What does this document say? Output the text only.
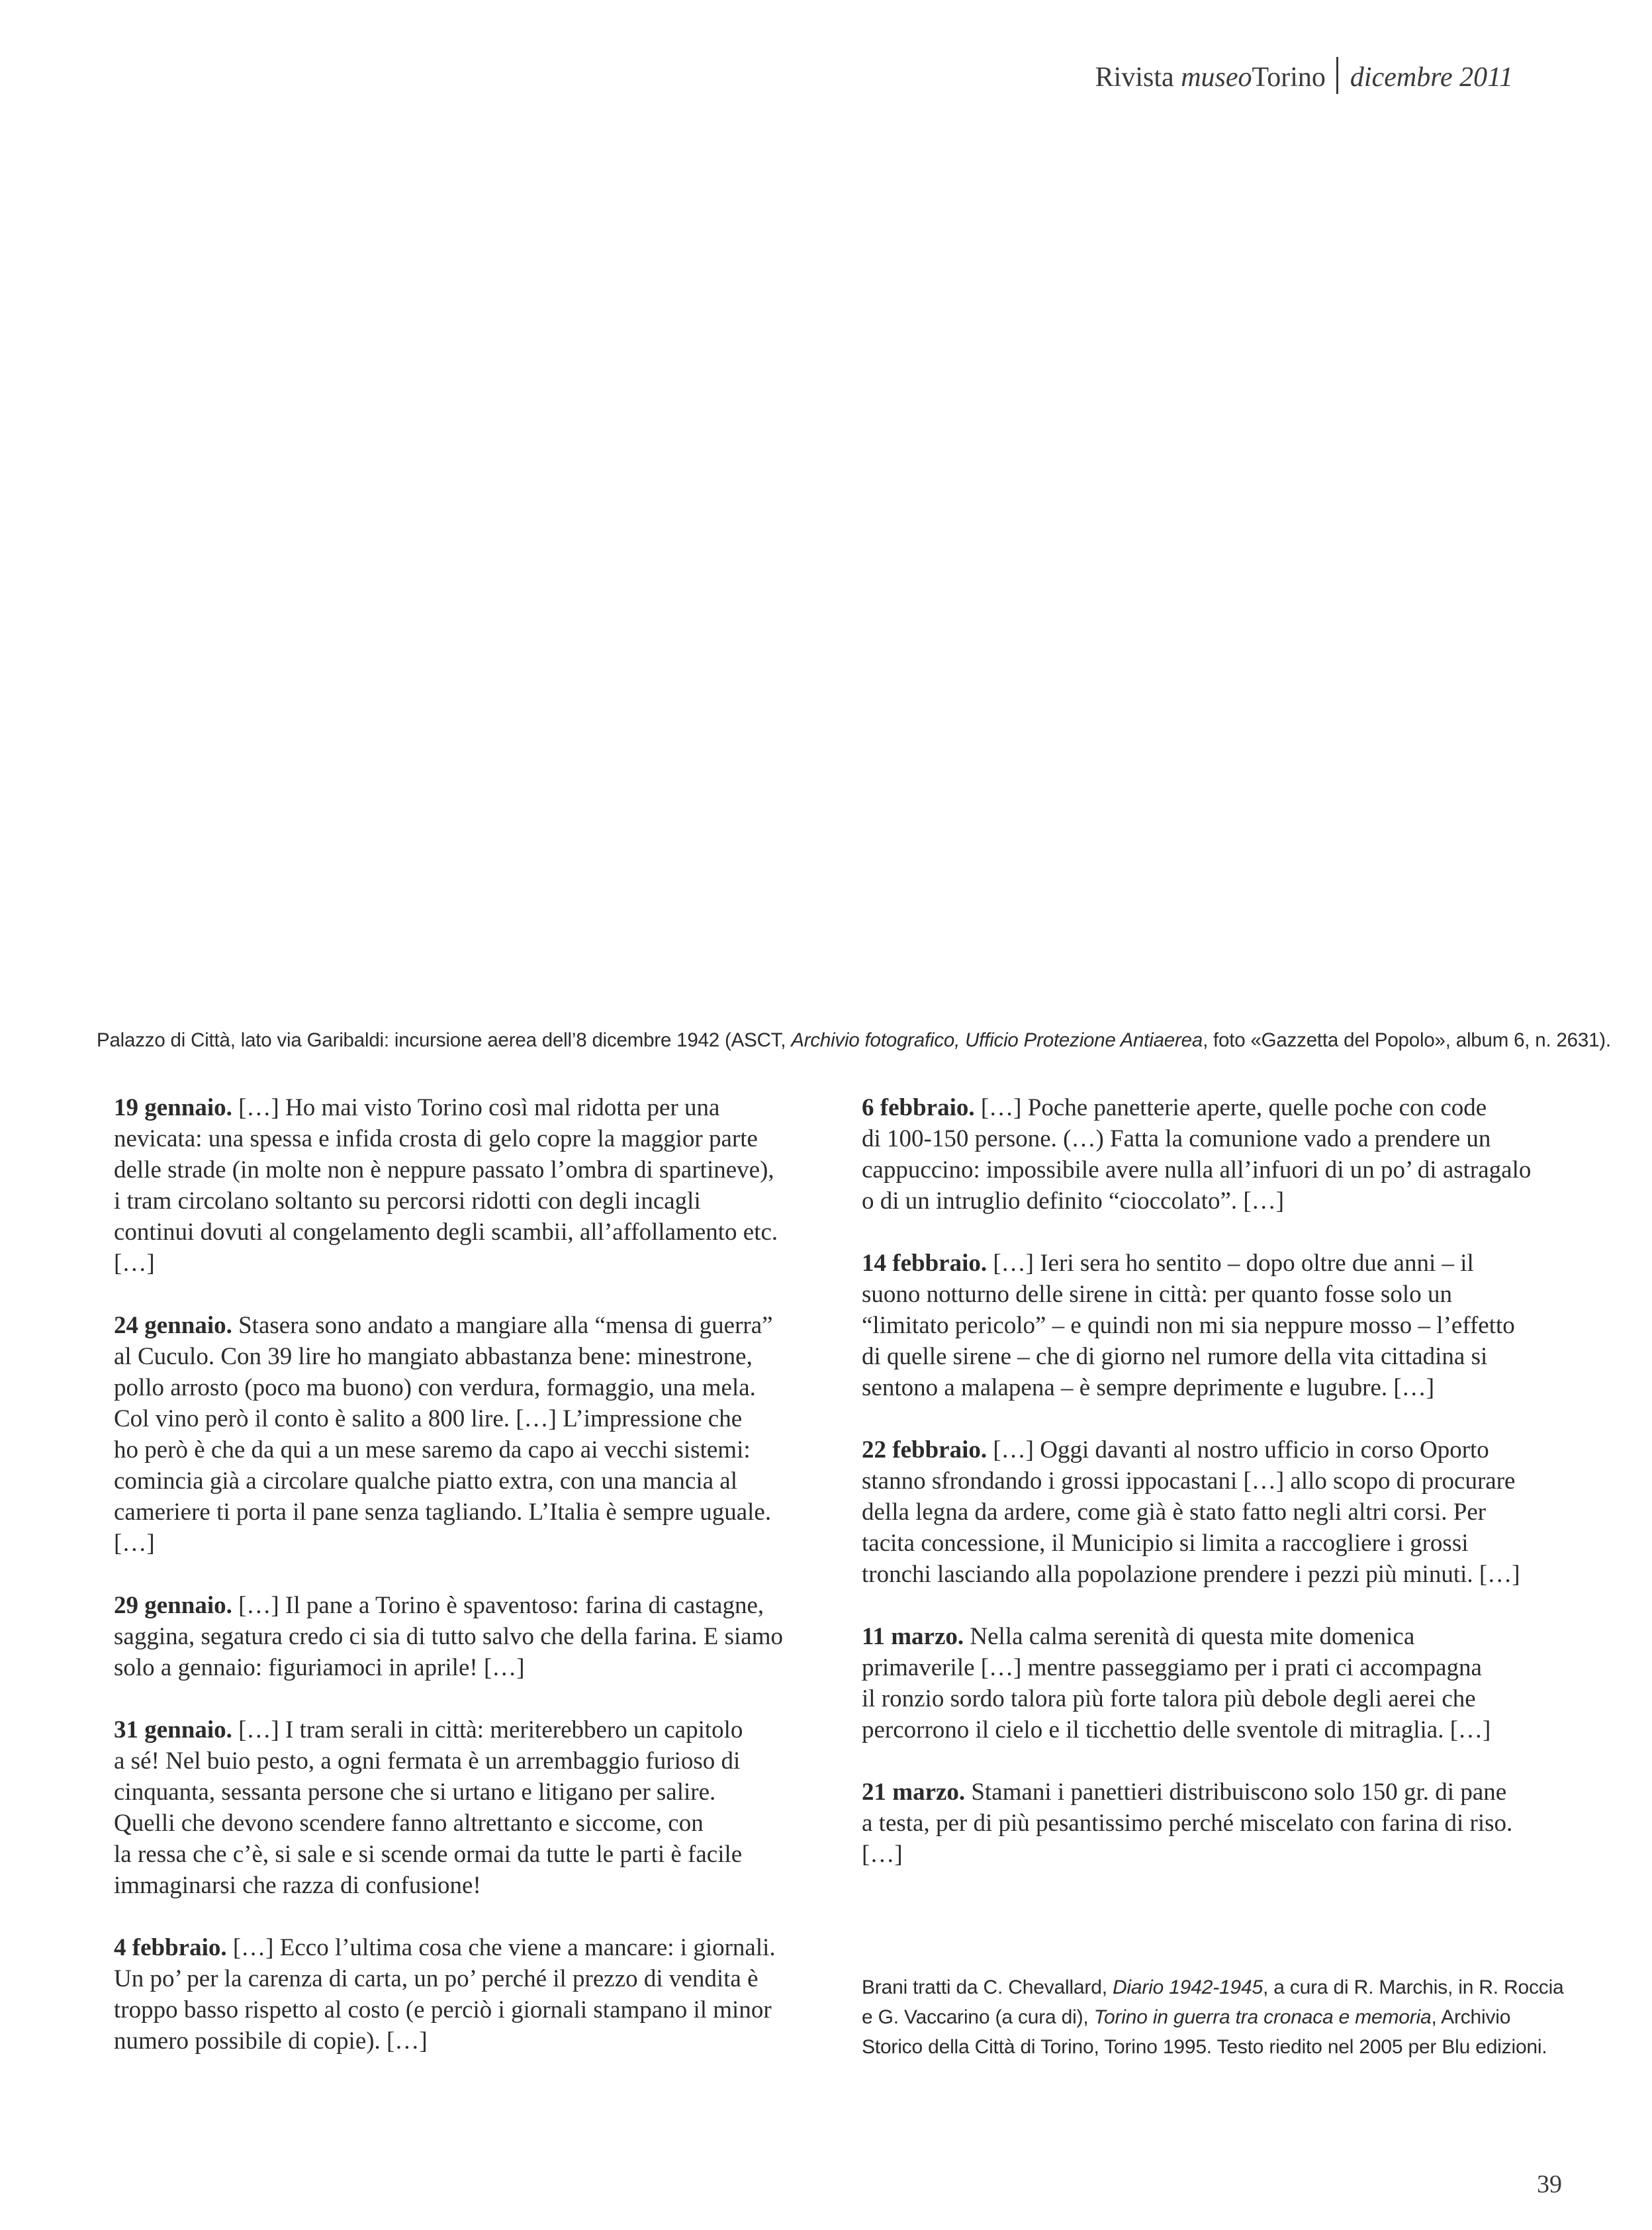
Rivista museoTorino dicembre 2011
Palazzo di Città, lato via Garibaldi: incursione aerea dell’8 dicembre 1942 (ASCT, Archivio fotografico, Ufficio Protezione Antiaerea, foto «Gazzetta del Popolo», album 6, n. 2631).
19 gennaio. […] Ho mai visto Torino così mal ridotta per una
nevicata: una spessa e infida crosta di gelo copre la maggior parte
delle strade (in molte non è neppure passato l’ombra di spartineve),
i tram circolano soltanto su percorsi ridotti con degli incagli
continui dovuti al congelamento degli scambii, all’affollamento etc.
[…]
24 gennaio. Stasera sono andato a mangiare alla “mensa di guerra”
al Cuculo. Con 39 lire ho mangiato abbastanza bene: minestrone,
pollo arrosto (poco ma buono) con verdura, formaggio, una mela.
Col vino però il conto è salito a 800 lire. […] L’impressione che
ho però è che da qui a un mese saremo da capo ai vecchi sistemi:
comincia già a circolare qualche piatto extra, con una mancia al
cameriere ti porta il pane senza tagliando. L’Italia è sempre uguale.
[…]
29 gennaio. […] Il pane a Torino è spaventoso: farina di castagne,
saggina, segatura credo ci sia di tutto salvo che della farina. E siamo
solo a gennaio: figuriamoci in aprile! […]
31 gennaio. […] I tram serali in città: meriterebbero un capitolo
a sé! Nel buio pesto, a ogni fermata è un arrembaggio furioso di
cinquanta, sessanta persone che si urtano e litigano per salire.
Quelli che devono scendere fanno altrettanto e siccome, con
la ressa che c’è, si sale e si scende ormai da tutte le parti è facile
immaginarsi che razza di confusione!
4 febbraio. […] Ecco l’ultima cosa che viene a mancare: i giornali.
Un po’ per la carenza di carta, un po’ perché il prezzo di vendita è
troppo basso rispetto al costo (e perciò i giornali stampano il minor
numero possibile di copie). […]
6 febbraio. […] Poche panetterie aperte, quelle poche con code
di 100-150 persone. (…) Fatta la comunione vado a prendere un
cappuccino: impossibile avere nulla all’infuori di un po’ di astragalo
o di un intruglio definito “cioccolato”. […]
14 febbraio. […] Ieri sera ho sentito – dopo oltre due anni – il
suono notturno delle sirene in città: per quanto fosse solo un
“limitato pericolo” – e quindi non mi sia neppure mosso – l’effetto
di quelle sirene – che di giorno nel rumore della vita cittadina si
sentono a malapena – è sempre deprimente e lugubre. […]
22 febbraio. […] Oggi davanti al nostro ufficio in corso Oporto
stanno sfrondando i grossi ippocastani […] allo scopo di procurare
della legna da ardere, come già è stato fatto negli altri corsi. Per
tacita concessione, il Municipio si limita a raccogliere i grossi
tronchi lasciando alla popolazione prendere i pezzi più minuti. […]
11 marzo. Nella calma serenità di questa mite domenica
primaverile […] mentre passeggiamo per i prati ci accompagna
il ronzio sordo talora più forte talora più debole degli aerei che
percorrono il cielo e il ticchettio delle sventole di mitraglia. […]
21 marzo. Stamani i panettieri distribuiscono solo 150 gr. di pane
a testa, per di più pesantissimo perché miscelato con farina di riso.
[…]
Brani tratti da C. Chevallard, Diario 1942-1945, a cura di R. Marchis, in R. Roccia
e G. Vaccarino (a cura di), Torino in guerra tra cronaca e memoria, Archivio
Storico della Città di Torino, Torino 1995. Testo riedito nel 2005 per Blu edizioni.
39
